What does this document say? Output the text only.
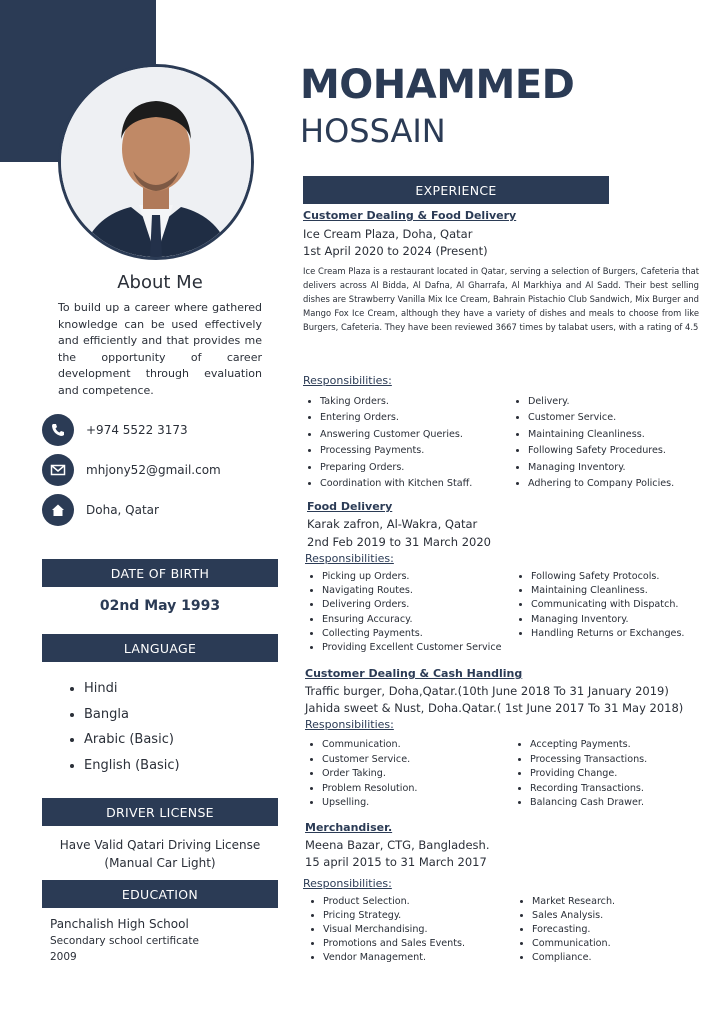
About Me
To build up a career where gathered knowledge can be used effectively and efficiently and that provides me the opportunity of career development through evaluation and competence.
+974 5522 3173
mhjony52@gmail.com
Doha, Qatar
DATE OF BIRTH
02nd May 1993
LANGUAGE
• Hindi
• Bangla
• Arabic (Basic)
• English (Basic)
DRIVER LICENSE
Have Valid Qatari Driving License
(Manual Car Light)
EDUCATION
Panchalish High School
Secondary school certificate
2009
MOHAMMED
HOSSAIN
EXPERIENCE
Customer Dealing & Food Delivery
Ice Cream Plaza, Doha, Qatar
1st April 2020 to 2024 (Present)
Ice Cream Plaza is a restaurant located in Qatar, serving a selection of Burgers, Cafeteria that delivers across Al Bidda, Al Dafna, Al Gharrafa, Al Markhiya and Al Sadd. Their best selling dishes are Strawberry Vanilla Mix Ice Cream, Bahrain Pistachio Club Sandwich, Mix Burger and Mango Fox Ice Cream, although they have a variety of dishes and meals to choose from like Burgers, Cafeteria. They have been reviewed 3667 times by talabat users, with a rating of 4.5
Responsibilities:
• Taking Orders.
• Entering Orders.
• Answering Customer Queries.
• Processing Payments.
• Preparing Orders.
• Coordination with Kitchen Staff.
• Delivery.
• Customer Service.
• Maintaining Cleanliness.
• Following Safety Procedures.
• Managing Inventory.
• Adhering to Company Policies.
Food Delivery
Karak zafron, Al-Wakra, Qatar
2nd Feb 2019 to 31 March 2020
Responsibilities:
• Picking up Orders.
• Navigating Routes.
• Delivering Orders.
• Ensuring Accuracy.
• Collecting Payments.
• Providing Excellent Customer Service
• Following Safety Protocols.
• Maintaining Cleanliness.
• Communicating with Dispatch.
• Managing Inventory.
• Handling Returns or Exchanges.
Customer Dealing & Cash Handling
Traffic burger, Doha,Qatar.(10th June 2018 To 31 January 2019)
Jahida sweet & Nust, Doha.Qatar.( 1st June 2017 To 31 May 2018)
Responsibilities:
• Communication.
• Customer Service.
• Order Taking.
• Problem Resolution.
• Upselling.
• Accepting Payments.
• Processing Transactions.
• Providing Change.
• Recording Transactions.
• Balancing Cash Drawer.
Merchandiser.
Meena Bazar, CTG, Bangladesh.
15 april 2015 to 31 March 2017
Responsibilities:
• Product Selection.
• Pricing Strategy.
• Visual Merchandising.
• Promotions and Sales Events.
• Vendor Management.
• Market Research.
• Sales Analysis.
• Forecasting.
• Communication.
• Compliance.
